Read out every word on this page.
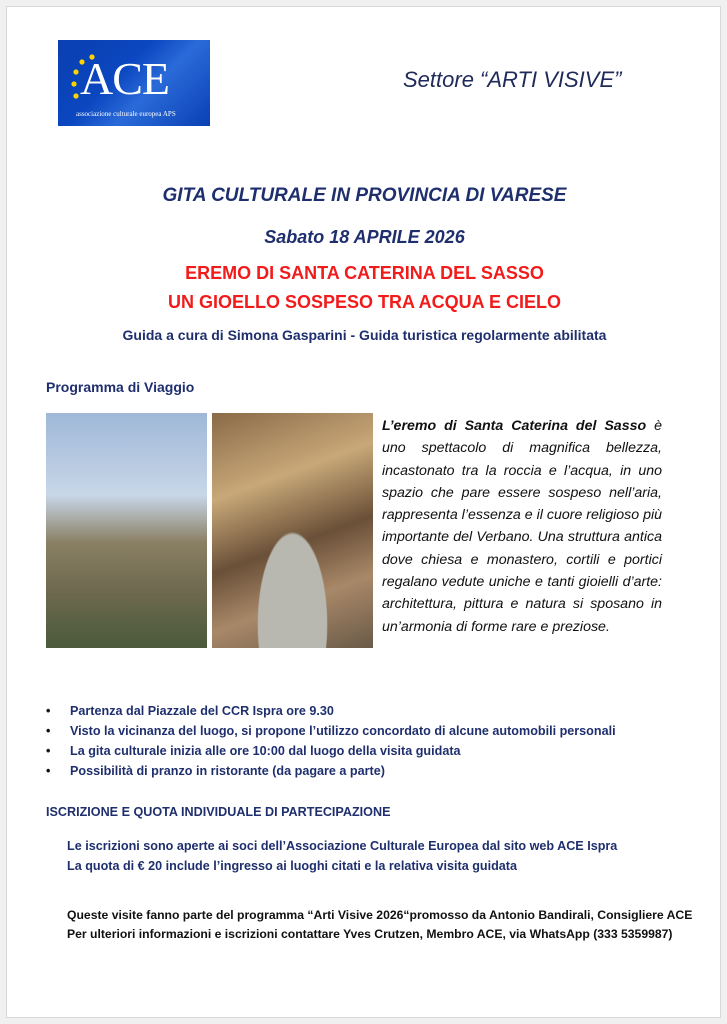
ACE
associazione culturale europea APS
Settore “ARTI VISIVE”
GITA CULTURALE IN PROVINCIA DI VARESE
Sabato 18 APRILE 2026
EREMO DI SANTA CATERINA DEL SASSO
UN GIOELLO SOSPESO TRA ACQUA E CIELO
Guida a cura di Simona Gasparini - Guida turistica regolarmente abilitata
Programma di Viaggio
L’eremo di Santa Caterina del Sasso è uno spettacolo di magnifica bellezza, incastonato tra la roccia e l’acqua, in uno spazio che pare essere sospeso nell’aria, rappresenta l’essenza e il cuore religioso più importante del Verbano. Una struttura antica dove chiesa e monastero, cortili e portici regalano vedute uniche e tanti gioielli d’arte: architettura, pittura e natura si sposano in un’armonia di forme rare e preziose.
• Partenza dal Piazzale del CCR Ispra ore 9.30
• Visto la vicinanza del luogo, si propone l’utilizzo concordato di alcune automobili personali
• La gita culturale inizia alle ore 10:00 dal luogo della visita guidata
• Possibilità di pranzo in ristorante (da pagare a parte)
ISCRIZIONE E QUOTA INDIVIDUALE DI PARTECIPAZIONE
Le iscrizioni sono aperte ai soci dell’Associazione Culturale Europea dal sito web ACE Ispra
La quota di € 20 include l’ingresso ai luoghi citati e la relativa visita guidata
Queste visite fanno parte del programma “Arti Visive 2026“promosso da Antonio Bandirali, Consigliere ACE
Per ulteriori informazioni e iscrizioni contattare Yves Crutzen, Membro ACE, via WhatsApp (333 5359987)
